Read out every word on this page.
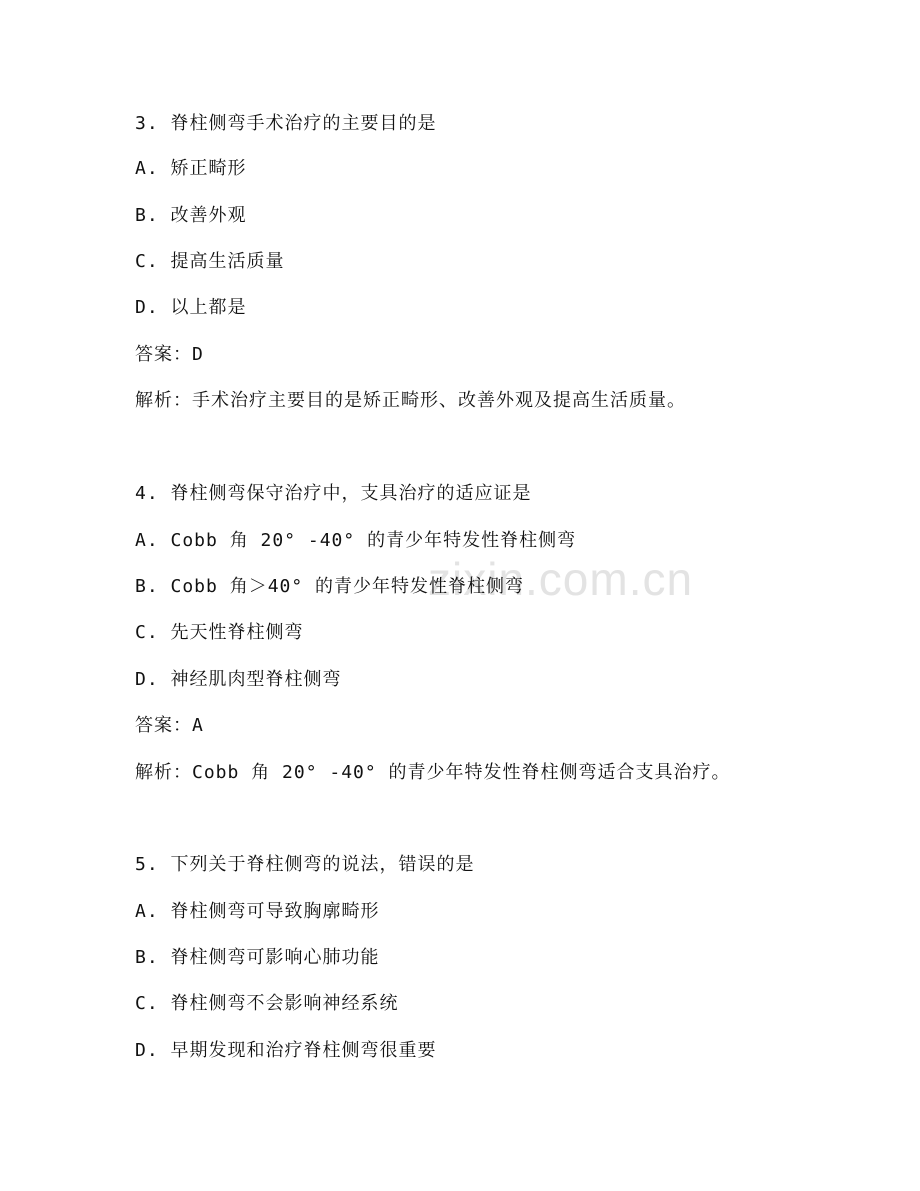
zixin.com.cn
3. 脊柱侧弯手术治疗的主要目的是
A. 矫正畸形
B. 改善外观
C. 提高生活质量
D. 以上都是
答案：D
解析：手术治疗主要目的是矫正畸形、改善外观及提高生活质量。
4. 脊柱侧弯保守治疗中，支具治疗的适应证是
A. Cobb 角 20° -40° 的青少年特发性脊柱侧弯
B. Cobb 角＞40° 的青少年特发性脊柱侧弯
C. 先天性脊柱侧弯
D. 神经肌肉型脊柱侧弯
答案：A
解析：Cobb 角 20° -40° 的青少年特发性脊柱侧弯适合支具治疗。
5. 下列关于脊柱侧弯的说法，错误的是
A. 脊柱侧弯可导致胸廓畸形
B. 脊柱侧弯可影响心肺功能
C. 脊柱侧弯不会影响神经系统
D. 早期发现和治疗脊柱侧弯很重要
